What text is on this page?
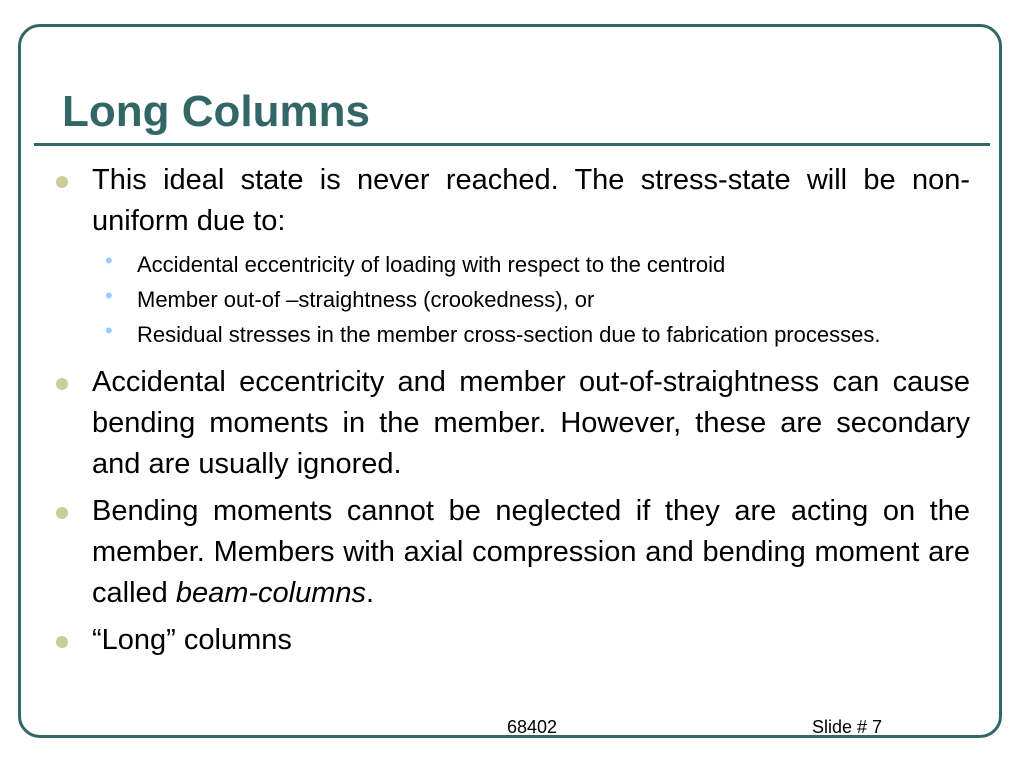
Long Columns
This ideal state is never reached. The stress-state will be non-uniform due to:
• Accidental eccentricity of loading with respect to the centroid
• Member out-of –straightness (crookedness), or
• Residual stresses in the member cross-section due to fabrication processes.
Accidental eccentricity and member out-of-straightness can cause bending moments in the member. However, these are secondary and are usually ignored.
Bending moments cannot be neglected if they are acting on the member. Members with axial compression and bending moment are called beam-columns.
“Long” columns
68402	Slide # 7
